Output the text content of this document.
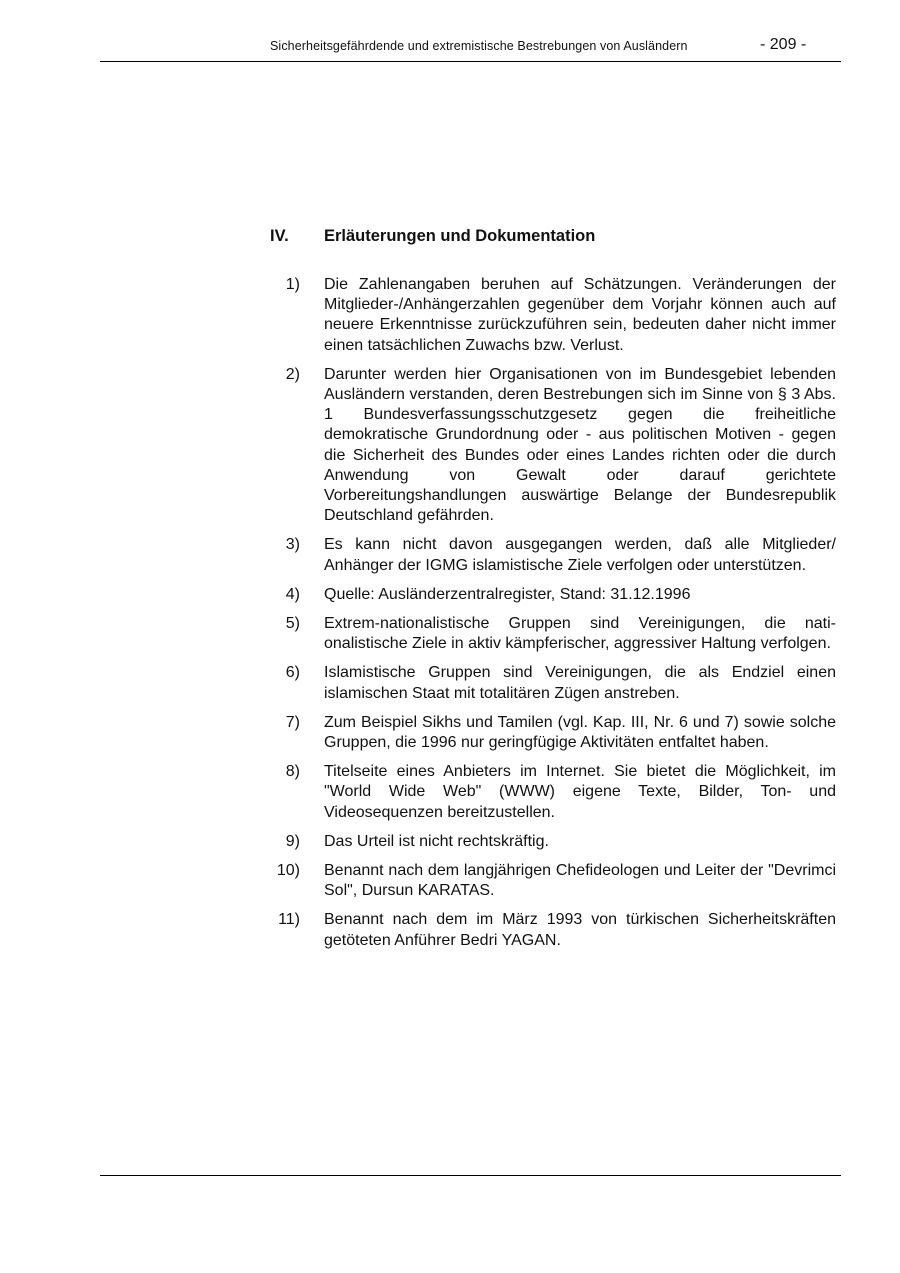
Sicherheitsgefährdende und extremistische Bestrebungen von Ausländern	- 209 -
IV. Erläuterungen und Dokumentation
1) Die Zahlenangaben beruhen auf Schätzungen. Veränderungen der Mitglieder-/Anhängerzahlen gegenüber dem Vorjahr können auch auf neuere Erkenntnisse zurückzuführen sein, bedeuten daher nicht immer einen tatsächlichen Zuwachs bzw. Verlust.
2) Darunter werden hier Organisationen von im Bundesgebiet lebenden Ausländern verstanden, deren Bestrebungen sich im Sinne von § 3 Abs. 1 Bundesverfassungsschutzgesetz gegen die freiheitliche demokratische Grundordnung oder - aus politischen Motiven - gegen die Sicherheit des Bundes oder eines Landes richten oder die durch Anwendung von Gewalt oder darauf gerichtete Vorbereitungshandlungen auswärtige Belange der Bundesrepublik Deutschland gefährden.
3) Es kann nicht davon ausgegangen werden, daß alle Mitglieder/ Anhänger der IGMG islamistische Ziele verfolgen oder unterstützen.
4) Quelle: Ausländerzentralregister, Stand: 31.12.1996
5) Extrem-nationalistische Gruppen sind Vereinigungen, die nationalistische Ziele in aktiv kämpferischer, aggressiver Haltung verfolgen.
6) Islamistische Gruppen sind Vereinigungen, die als Endziel einen islamischen Staat mit totalitären Zügen anstreben.
7) Zum Beispiel Sikhs und Tamilen (vgl. Kap. III, Nr. 6 und 7) sowie solche Gruppen, die 1996 nur geringfügige Aktivitäten entfaltet haben.
8) Titelseite eines Anbieters im Internet. Sie bietet die Möglichkeit, im "World Wide Web" (WWW) eigene Texte, Bilder, Ton- und Videosequenzen bereitzustellen.
9) Das Urteil ist nicht rechtskräftig.
10) Benannt nach dem langjährigen Chefideologen und Leiter der "Devrimci Sol", Dursun KARATAS.
11) Benannt nach dem im März 1993 von türkischen Sicherheitskräften getöteten Anführer Bedri YAGAN.
